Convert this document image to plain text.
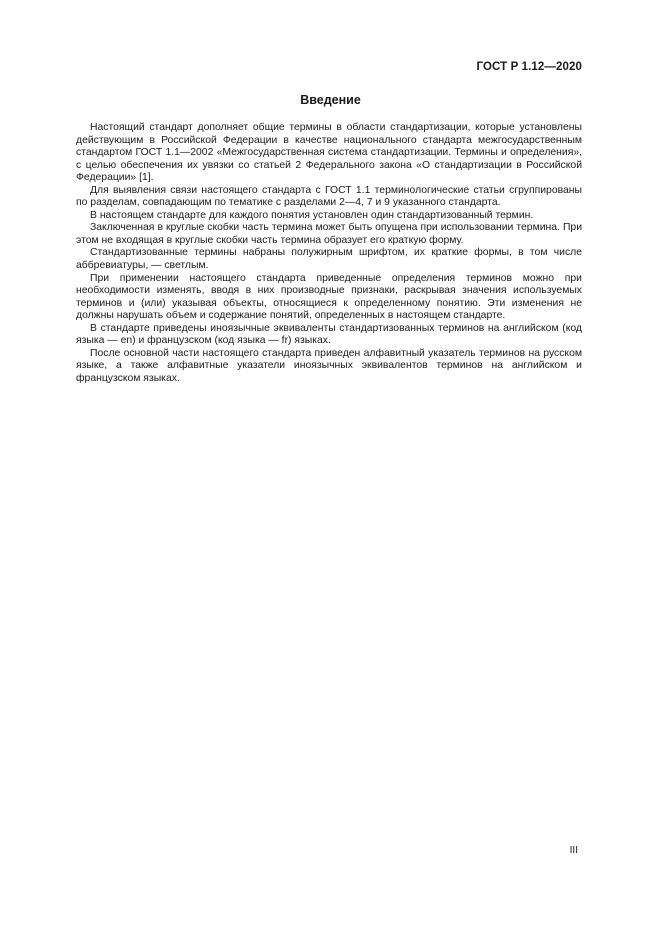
ГОСТ Р 1.12—2020
Введение

Настоящий стандарт дополняет общие термины в области стандартизации, которые установлены действующим в Российской Федерации в качестве национального стандарта межгосударственным стандартом ГОСТ 1.1—2002 «Межгосударственная система стандартизации. Термины и определения», с целью обеспечения их увязки со статьей 2 Федерального закона «О стандартизации в Российской Федерации» [1].

Для выявления связи настоящего стандарта с ГОСТ 1.1 терминологические статьи сгруппированы по разделам, совпадающим по тематике с разделами 2—4, 7 и 9 указанного стандарта.

В настоящем стандарте для каждого понятия установлен один стандартизованный термин.

Заключенная в круглые скобки часть термина может быть опущена при использовании термина. При этом не входящая в круглые скобки часть термина образует его краткую форму.

Стандартизованные термины набраны полужирным шрифтом, их краткие формы, в том числе аббревиатуры, — светлым.

При применении настоящего стандарта приведенные определения терминов можно при необходимости изменять, вводя в них производные признаки, раскрывая значения используемых терминов и (или) указывая объекты, относящиеся к определенному понятию. Эти изменения не должны нарушать объем и содержание понятий, определенных в настоящем стандарте.

В стандарте приведены иноязычные эквиваленты стандартизованных терминов на английском (код языка — en) и французском (код языка — fr) языках.

После основной части настоящего стандарта приведен алфавитный указатель терминов на русском языке, а также алфавитные указатели иноязычных эквивалентов терминов на английском и французском языках.

III
